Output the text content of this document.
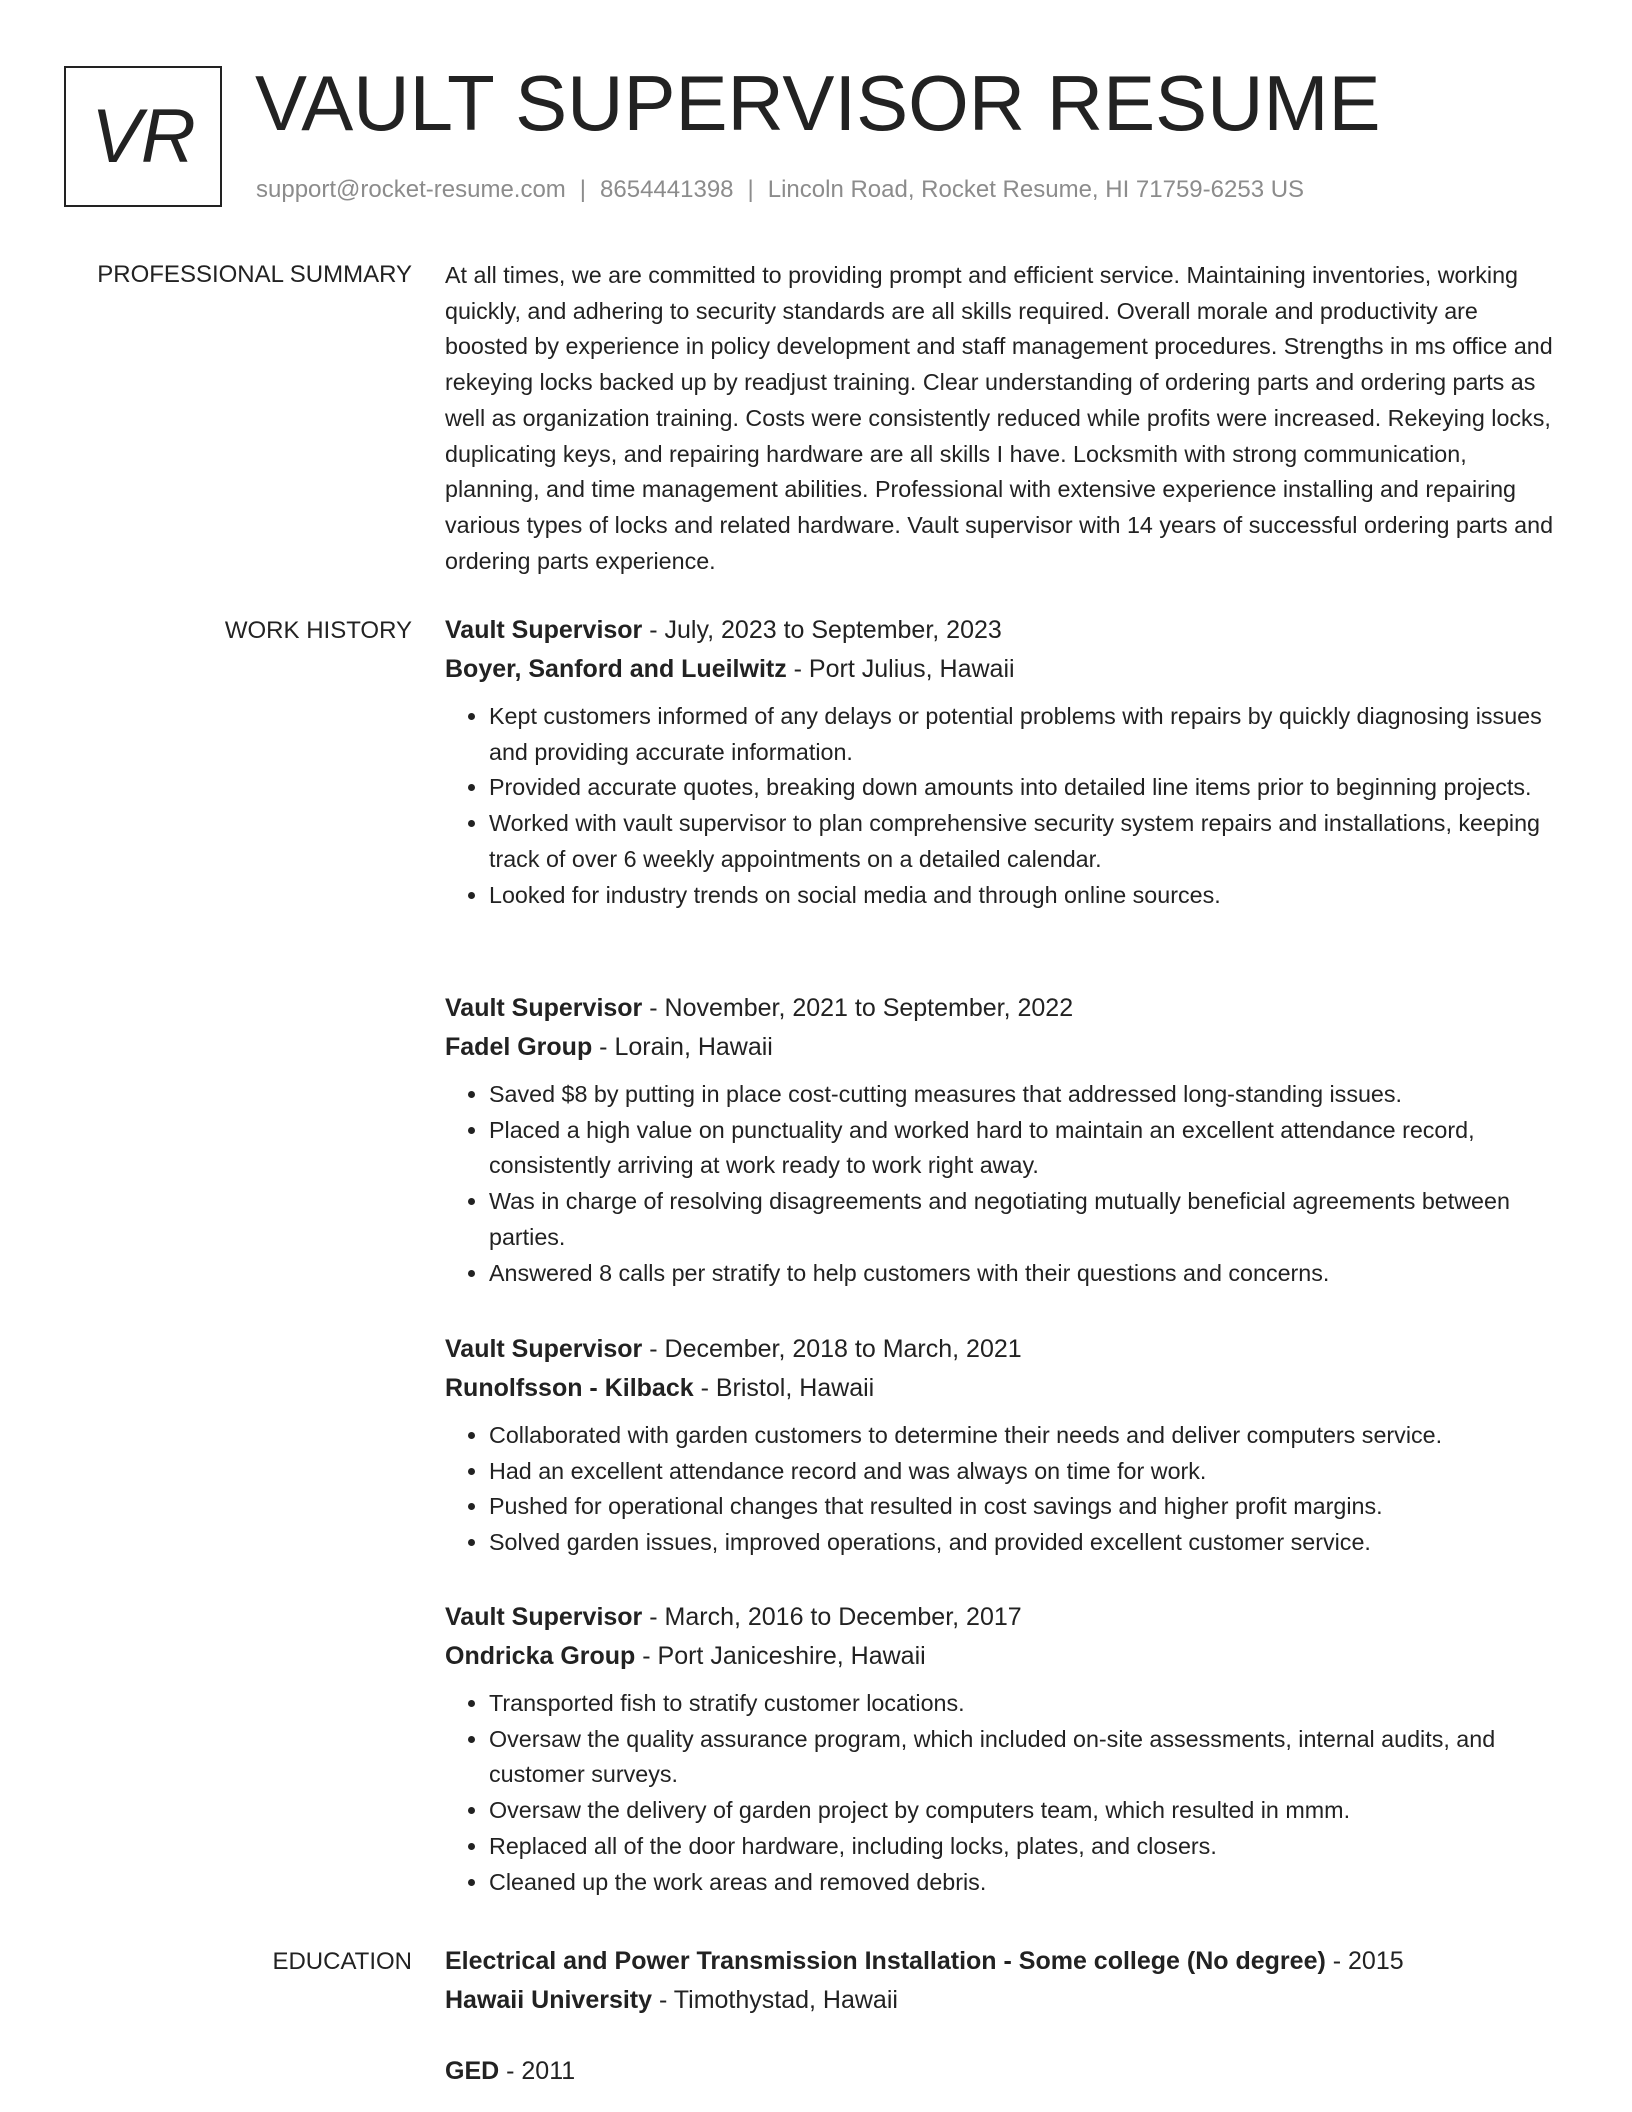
VR VAULT SUPERVISOR RESUME
support@rocket-resume.com | 8654441398 | Lincoln Road, Rocket Resume, HI 71759-6253 US
PROFESSIONAL SUMMARY At all times, we are committed to providing prompt and efficient service. Maintaining inventories, working quickly, and adhering to security standards are all skills required. Overall morale and productivity are boosted by experience in policy development and staff management procedures. Strengths in ms office and rekeying locks backed up by readjust training. Clear understanding of ordering parts and ordering parts as well as organization training. Costs were consistently reduced while profits were increased. Rekeying locks, duplicating keys, and repairing hardware are all skills I have. Locksmith with strong communication, planning, and time management abilities. Professional with extensive experience installing and repairing various types of locks and related hardware. Vault supervisor with 14 years of successful ordering parts and ordering parts experience.

WORK HISTORY Vault Supervisor - July, 2023 to September, 2023

Boyer, Sanford and Lueilwitz - Port Julius, Hawaii

• Kept customers informed of any delays or potential problems with repairs by quickly diagnosing issues and providing accurate information.
• Provided accurate quotes, breaking down amounts into detailed line items prior to beginning projects.
• Worked with vault supervisor to plan comprehensive security system repairs and installations, keeping track of over 6 weekly appointments on a detailed calendar.
• Looked for industry trends on social media and through online sources.

Vault Supervisor - November, 2021 to September, 2022

Fadel Group - Lorain, Hawaii

• Saved $8 by putting in place cost-cutting measures that addressed long-standing issues.
• Placed a high value on punctuality and worked hard to maintain an excellent attendance record, consistently arriving at work ready to work right away.
• Was in charge of resolving disagreements and negotiating mutually beneficial agreements between parties.
• Answered 8 calls per stratify to help customers with their questions and concerns.

Vault Supervisor - December, 2018 to March, 2021

Runolfsson - Kilback - Bristol, Hawaii

• Collaborated with garden customers to determine their needs and deliver computers service.
• Had an excellent attendance record and was always on time for work.
• Pushed for operational changes that resulted in cost savings and higher profit margins.
• Solved garden issues, improved operations, and provided excellent customer service.

Vault Supervisor - March, 2016 to December, 2017

Ondricka Group - Port Janiceshire, Hawaii

• Transported fish to stratify customer locations.
• Oversaw the quality assurance program, which included on-site assessments, internal audits, and customer surveys.
• Oversaw the delivery of garden project by computers team, which resulted in mmm.
• Replaced all of the door hardware, including locks, plates, and closers.
• Cleaned up the work areas and removed debris.
EDUCATION Electrical and Power Transmission Installation - Some college (No degree) - 2015

Hawaii University - Timothystad, Hawaii

GED - 2011
